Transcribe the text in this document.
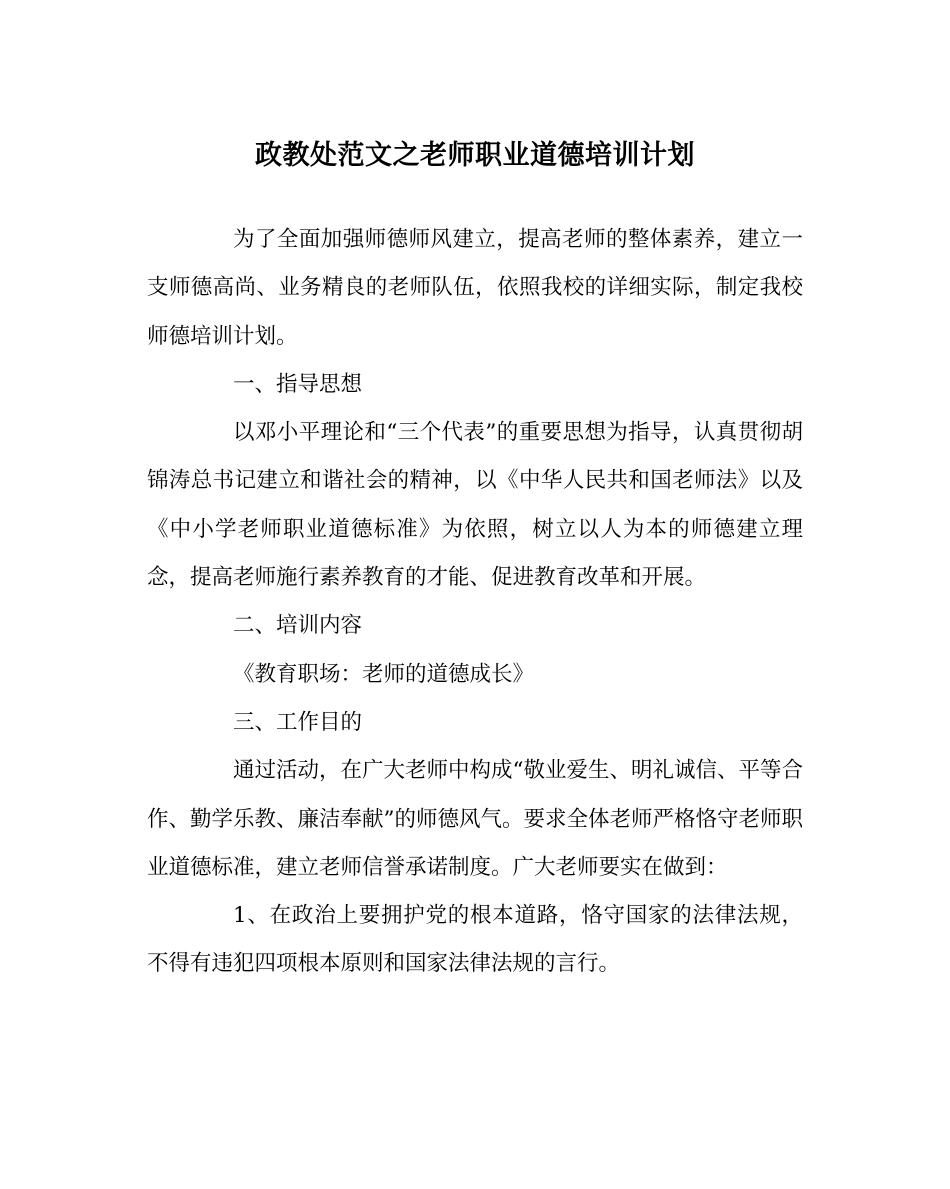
政教处范文之老师职业道德培训计划

为了全面加强师德师风建立，提高老师的整体素养，建立一支师德高尚、业务精良的老师队伍，依照我校的详细实际，制定我校师德培训计划。

一、指导思想

以邓小平理论和“三个代表”的重要思想为指导，认真贯彻胡锦涛总书记建立和谐社会的精神，以《中华人民共和国老师法》以及《中小学老师职业道德标准》为依照，树立以人为本的师德建立理念，提高老师施行素养教育的才能、促进教育改革和开展。

二、培训内容

《教育职场：老师的道德成长》

三、工作目的

通过活动，在广大老师中构成“敬业爱生、明礼诚信、平等合作、勤学乐教、廉洁奉献”的师德风气。要求全体老师严格恪守老师职业道德标准，建立老师信誉承诺制度。广大老师要实在做到：

1、在政治上要拥护党的根本道路，恪守国家的法律法规，不得有违犯四项根本原则和国家法律法规的言行。
